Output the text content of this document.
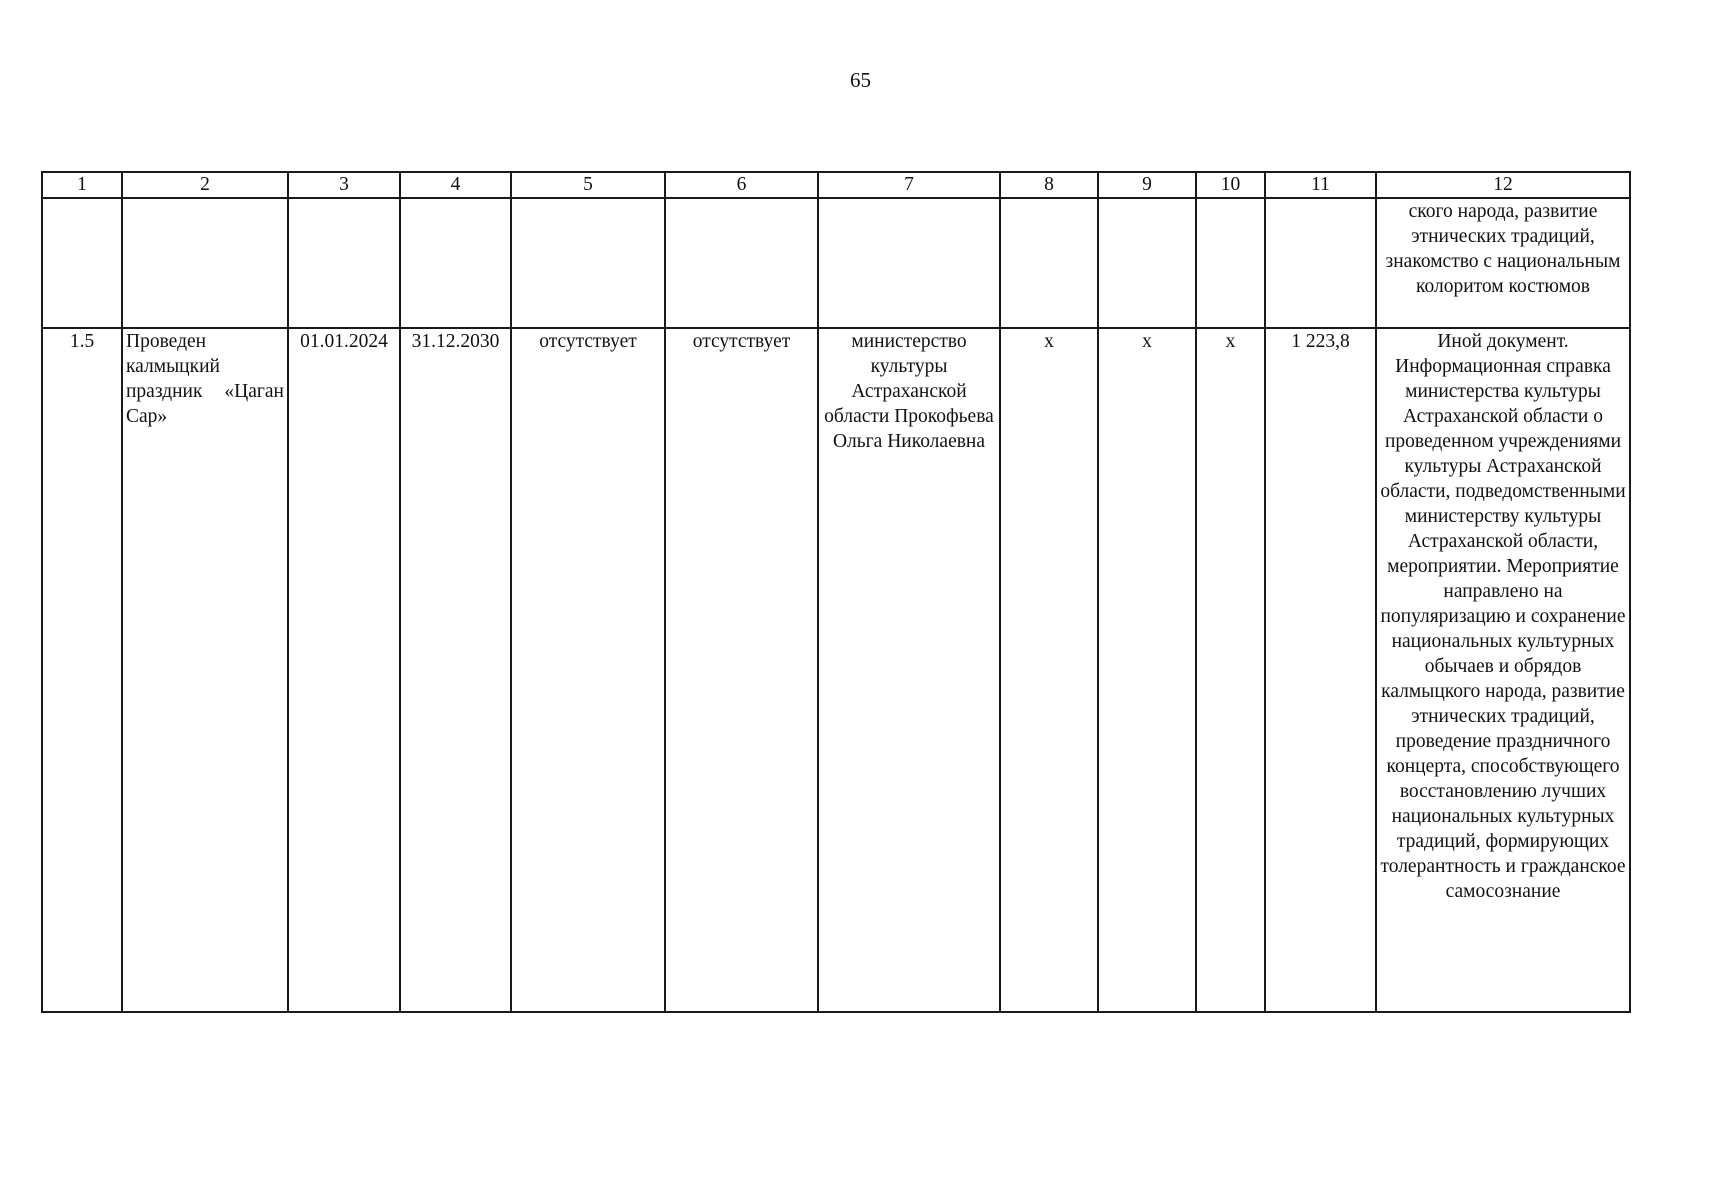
65
1	2	3	4	5	6	7	8	9	10	11	12

											ского народа, развитие этнических традиций, знакомство с национальным колоритом костюмов

1.5	Проведен калмыцкий праздник «Цаган Сар»	01.01.2024	31.12.2030	отсутствует	отсутствует	министерство культуры Астраханской области Прокофьева Ольга Николаевна	х	х	х	1 223,8	Иной документ. Информационная справка министерства культуры Астраханской области о проведенном учреждениями культуры Астраханской области, подведомственными министерству культуры Астраханской области, мероприятии. Мероприятие направлено на популяризацию и сохранение национальных культурных обычаев и обрядов калмыцкого народа, развитие этнических традиций, проведение праздничного концерта, способствующего восстановлению лучших национальных культурных традиций, формирующих толерантность и гражданское самосознание
